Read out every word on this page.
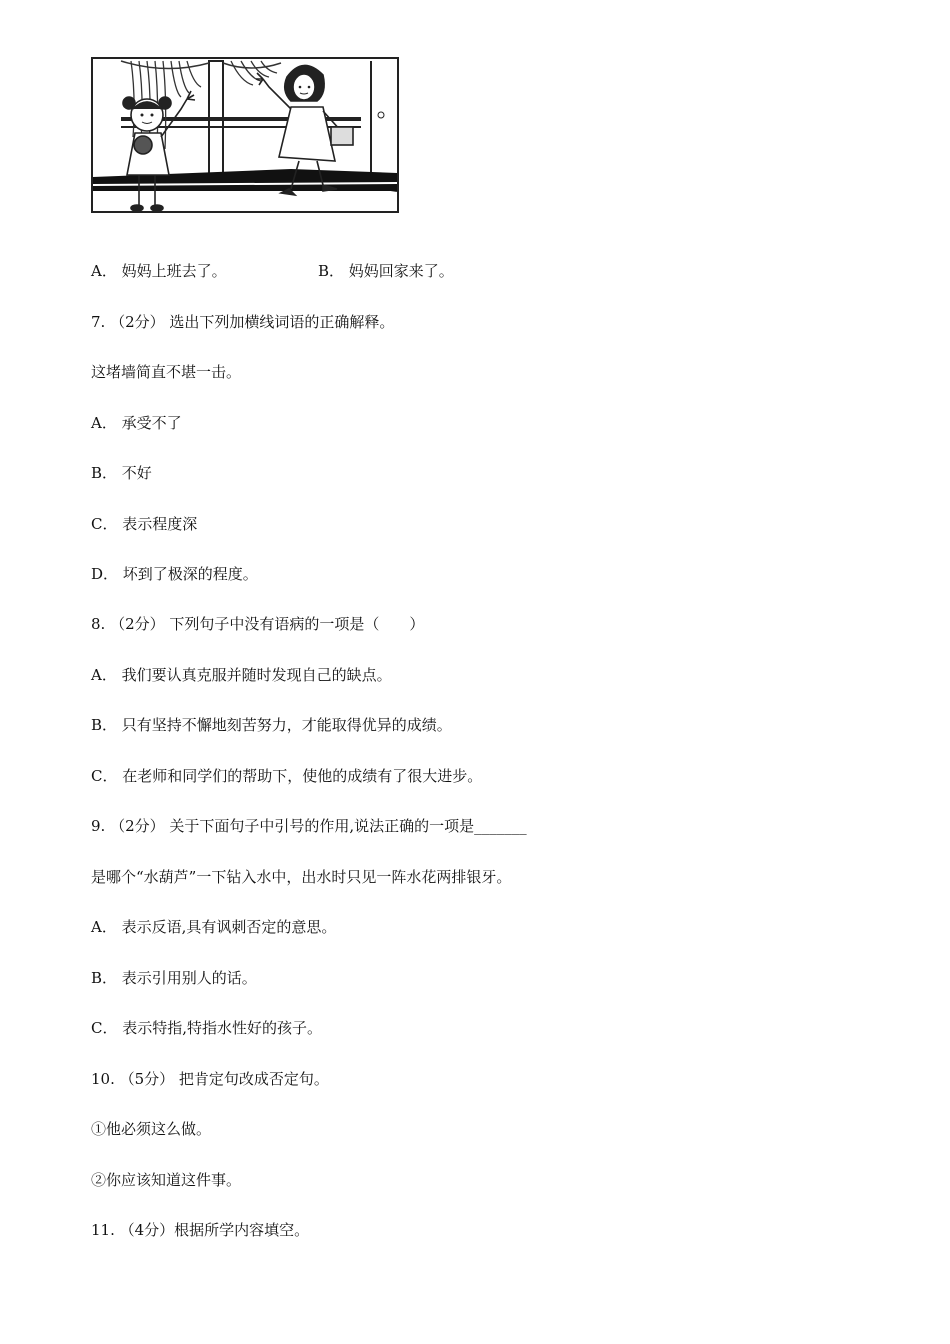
A． 妈妈上班去了。	B． 妈妈回家来了。
7. （2分） 选出下列加横线词语的正确解释。
这堵墙简直不堪一击。
A． 承受不了
B． 不好
C． 表示程度深
D． 坏到了极深的程度。
8. （2分） 下列句子中没有语病的一项是（　　）
A． 我们要认真克服并随时发现自己的缺点。
B． 只有坚持不懈地刻苦努力，才能取得优异的成绩。
C． 在老师和同学们的帮助下，使他的成绩有了很大进步。
9. （2分） 关于下面句子中引号的作用,说法正确的一项是_______
是哪个“水葫芦”一下钻入水中，出水时只见一阵水花两排银牙。
A． 表示反语,具有讽刺否定的意思。
B． 表示引用别人的话。
C． 表示特指,特指水性好的孩子。
10. （5分） 把肯定句改成否定句。
①他必须这么做。
②你应该知道这件事。
11. （4分）根据所学内容填空。
